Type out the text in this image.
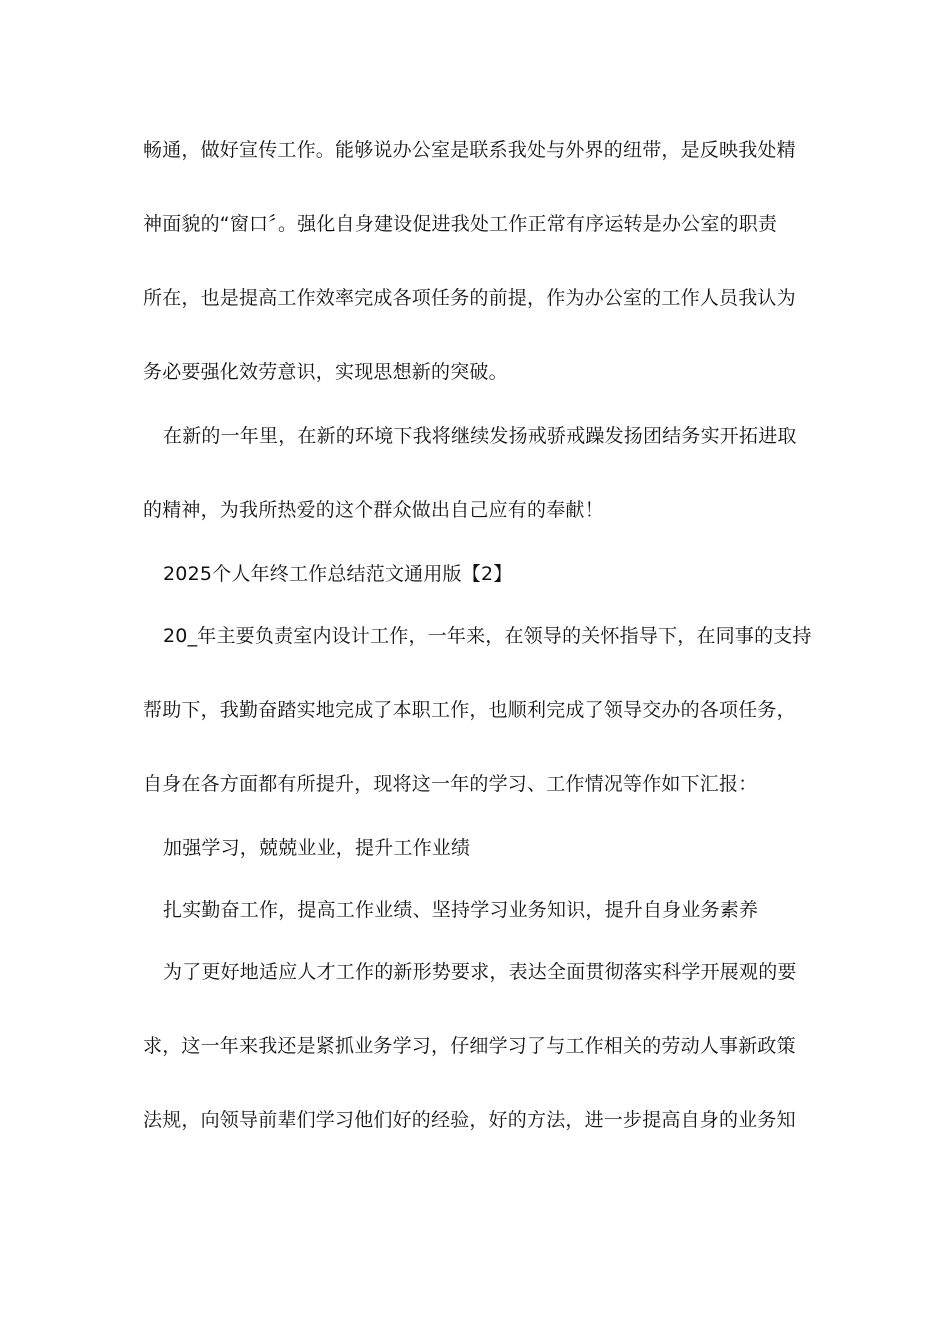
畅通，做好宣传工作。能够说办公室是联系我处与外界的纽带，是反映我处精
神面貌的“窗口〞。强化自身建设促进我处工作正常有序运转是办公室的职责
所在，也是提高工作效率完成各项任务的前提，作为办公室的工作人员我认为
务必要强化效劳意识，实现思想新的突破。
在新的一年里，在新的环境下我将继续发扬戒骄戒躁发扬团结务实开拓进取
的精神，为我所热爱的这个群众做出自己应有的奉献！
2025个人年终工作总结范文通用版【2】
20_年主要负责室内设计工作，一年来，在领导的关怀指导下，在同事的支持
帮助下，我勤奋踏实地完成了本职工作，也顺利完成了领导交办的各项任务，
自身在各方面都有所提升，现将这一年的学习、工作情况等作如下汇报：
加强学习，兢兢业业，提升工作业绩
扎实勤奋工作，提高工作业绩、坚持学习业务知识，提升自身业务素养
为了更好地适应人才工作的新形势要求，表达全面贯彻落实科学开展观的要
求，这一年来我还是紧抓业务学习，仔细学习了与工作相关的劳动人事新政策
法规，向领导前辈们学习他们好的经验，好的方法，进一步提高自身的业务知
